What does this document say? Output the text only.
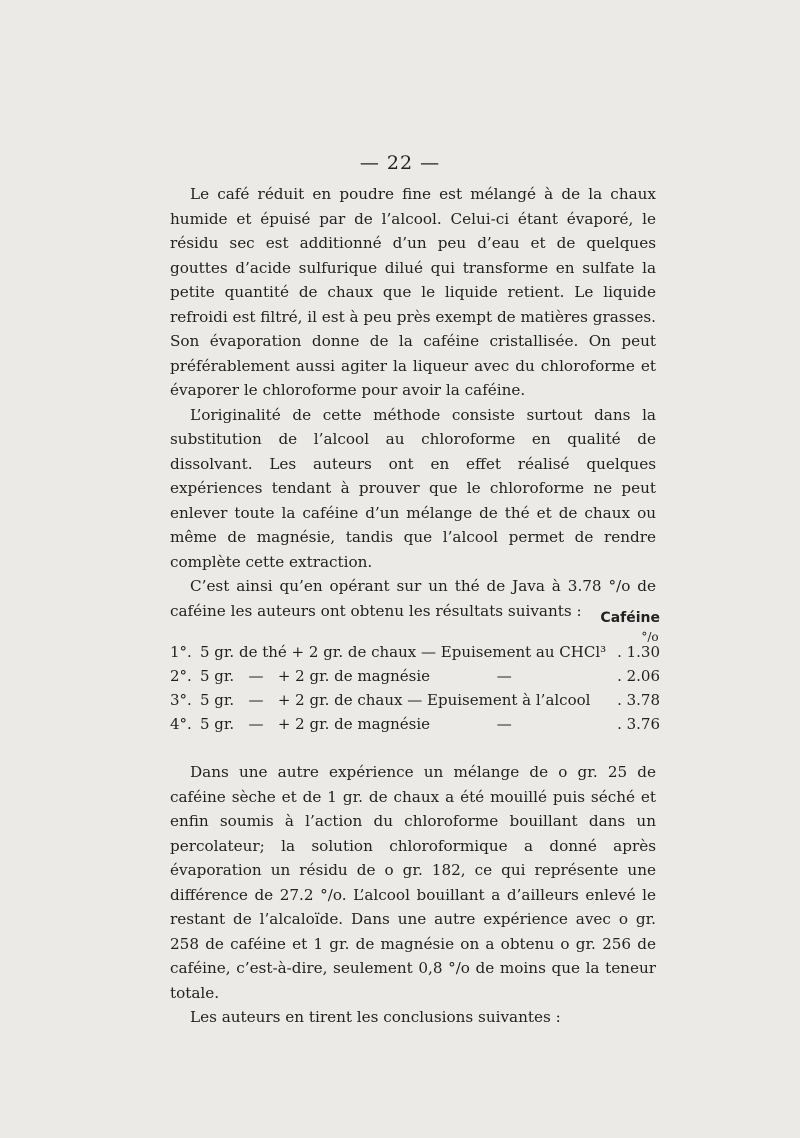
— 22 —

Le café réduit en poudre fine est mélangé à de la chaux humide et épuisé par de l’alcool. Celui-ci étant évaporé, le résidu sec est additionné d’un peu d’eau et de quelques gouttes d’acide sulfurique dilué qui transforme en sulfate la petite quantité de chaux que le liquide retient. Le liquide refroidi est filtré, il est à peu près exempt de matières grasses. Son évaporation donne de la caféine cristallisée. On peut préférablement aussi agiter la liqueur avec du chloroforme et évaporer le chloroforme pour avoir la caféine.

L’originalité de cette méthode consiste surtout dans la substitution de l’alcool au chloroforme en qualité de dissolvant. Les auteurs ont en effet réalisé quelques expériences tendant à prouver que le chloroforme ne peut enlever toute la caféine d’un mélange de thé et de chaux ou même de magnésie, tandis que l’alcool permet de rendre complète cette extraction.

C’est ainsi qu’en opérant sur un thé de Java à 3.78 °/o de caféine les auteurs ont obtenu les résultats suivants :	Caféine
°/o
1°. 5 gr. de thé + 2 gr. de chaux — Epuisement au CHCl³ . 1.30
2°. 5 gr.   —   + 2 gr. de magnésie              —	. 2.06
3°. 5 gr.   —   + 2 gr. de chaux — Epuisement à l’alcool	. 3.78
4°. 5 gr.   —   + 2 gr. de magnésie              —	. 3.76

Dans une autre expérience un mélange de o gr. 25 de caféine sèche et de 1 gr. de chaux a été mouillé puis séché et enfin soumis à l’action du chloroforme bouillant dans un percolateur; la solution chloroformique a donné après évaporation un résidu de o gr. 182, ce qui représente une différence de 27.2 °/o. L’alcool bouillant a d’ailleurs enlevé le restant de l’alcaloïde. Dans une autre expérience avec o gr. 258 de caféine et 1 gr. de magnésie on a obtenu o gr. 256 de caféine, c’est-à-dire, seulement 0,8 °/o de moins que la teneur totale.

Les auteurs en tirent les conclusions suivantes :
